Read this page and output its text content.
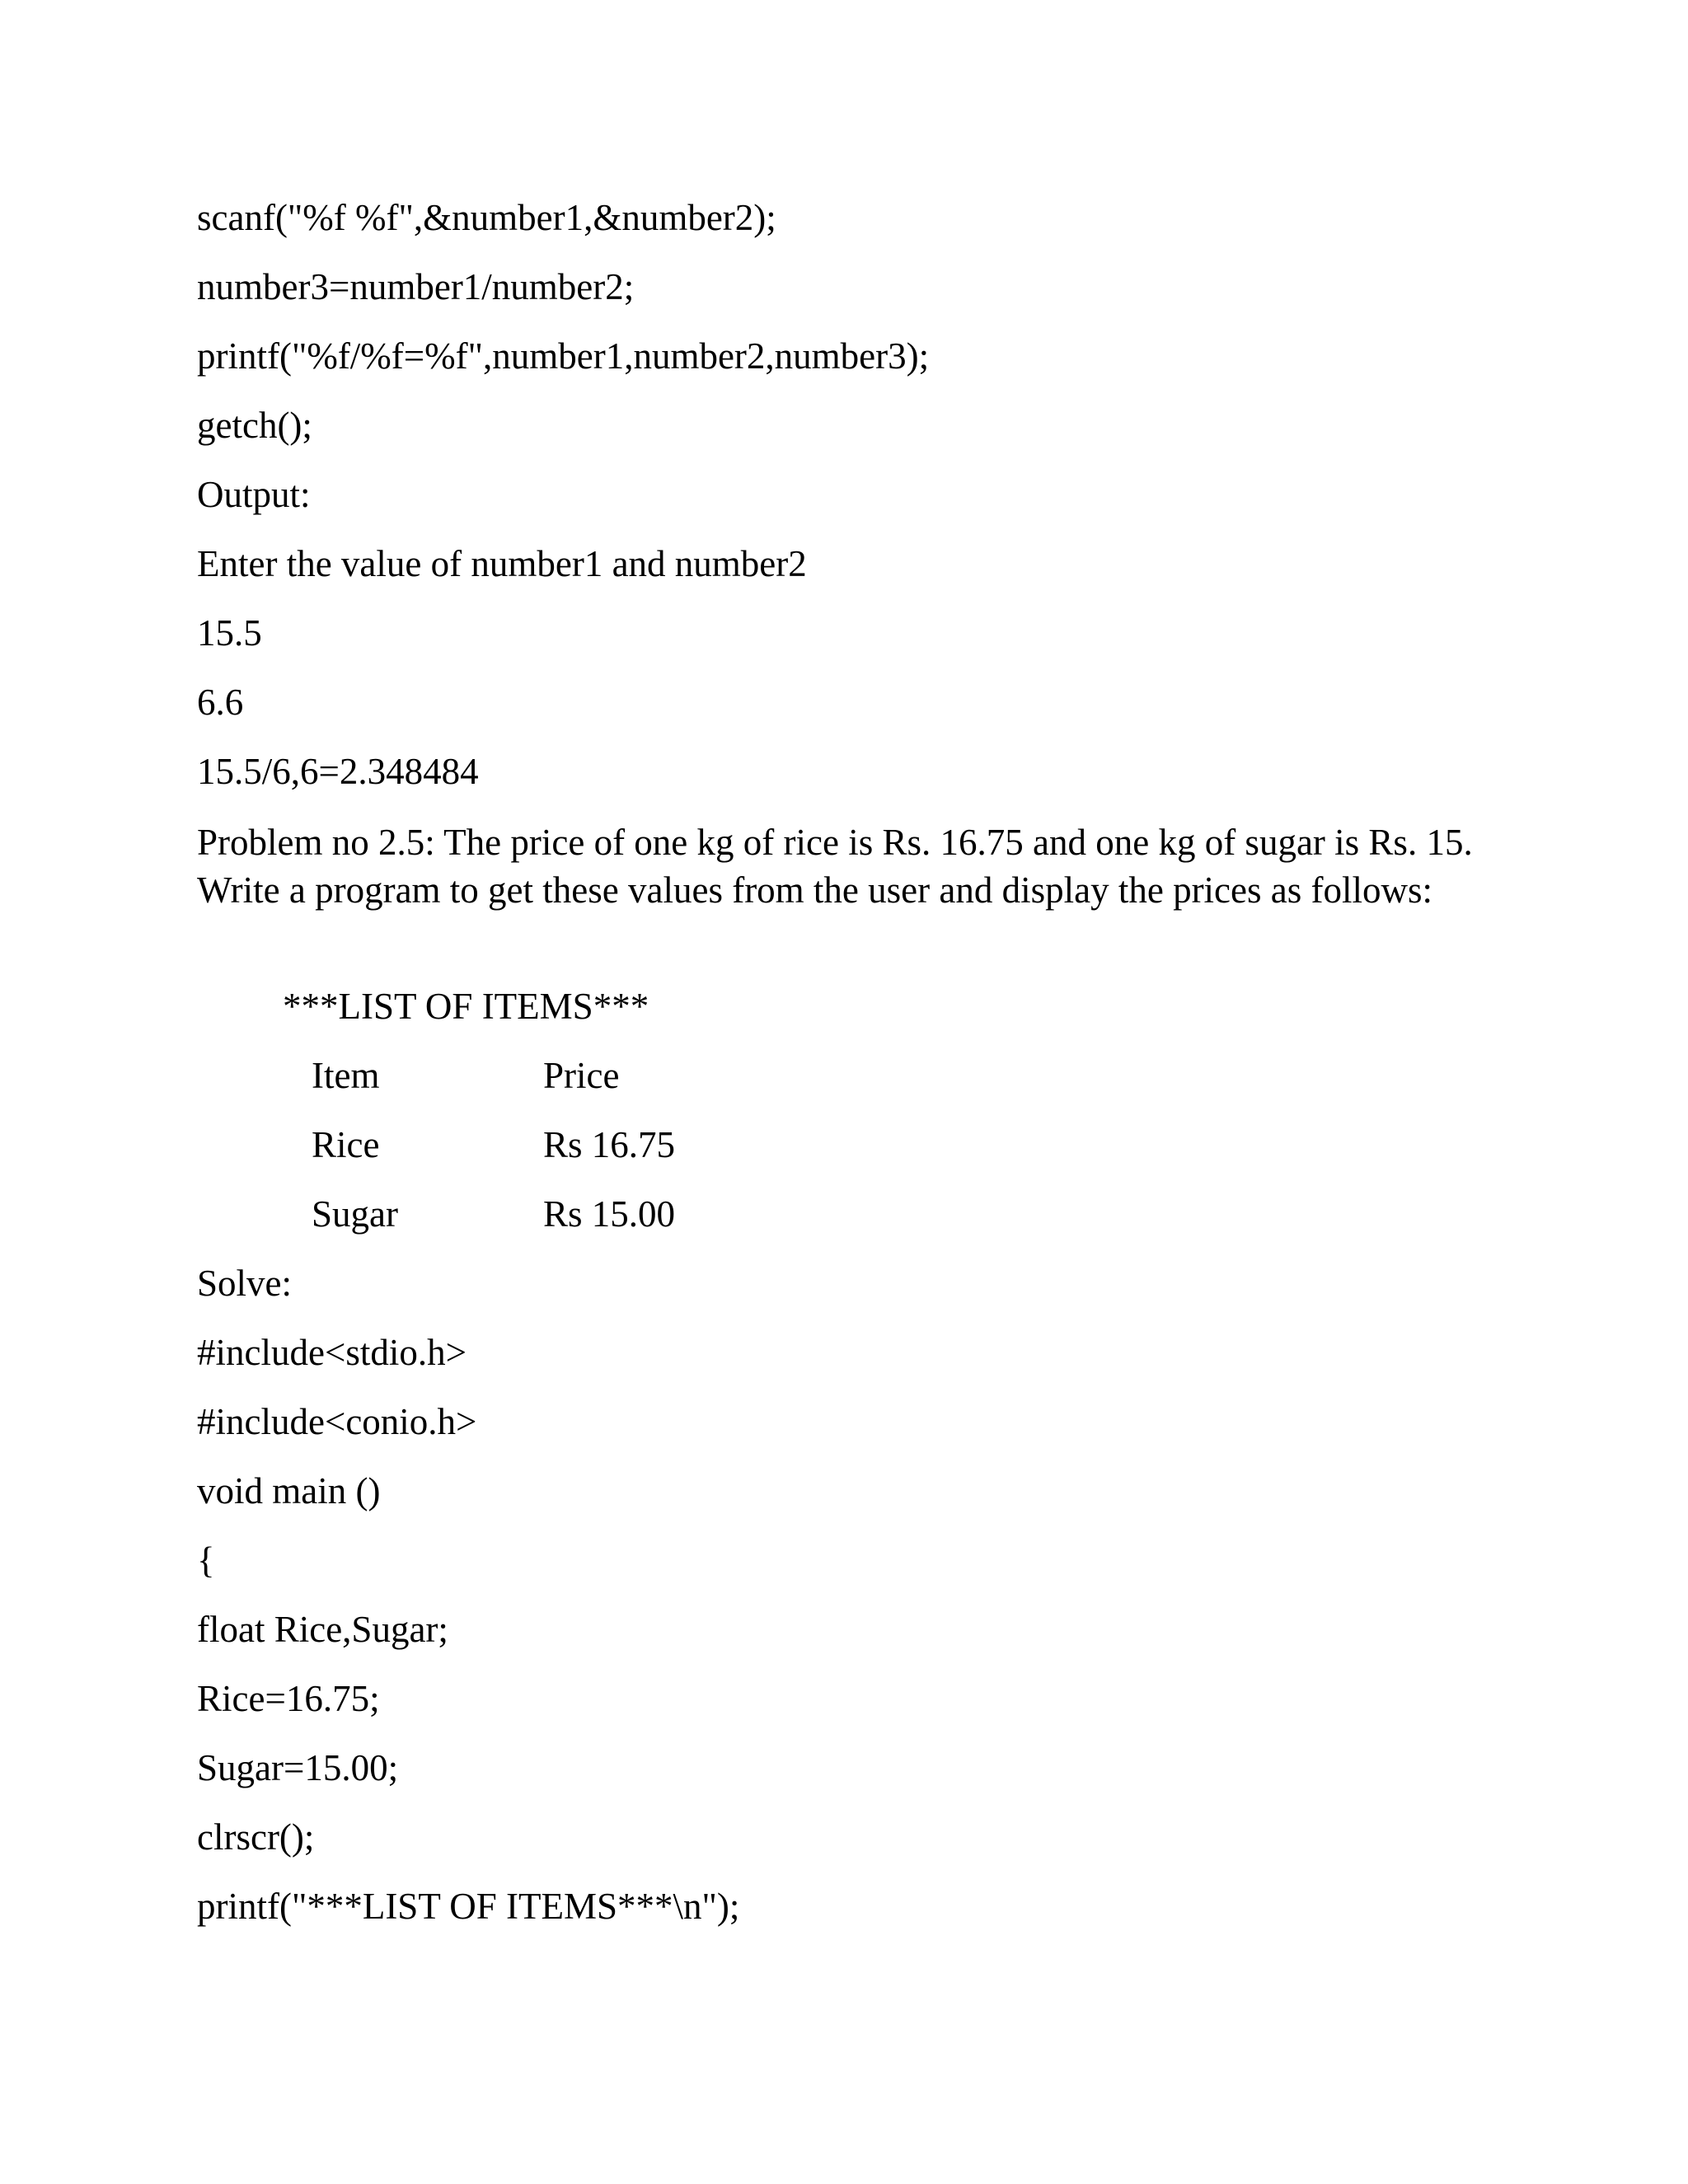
scanf("%f %f",&number1,&number2);
number3=number1/number2;
printf("%f/%f=%f",number1,number2,number3);
getch();
Output:
Enter the value of number1 and number2
15.5
6.6
15.5/6,6=2.348484
Problem no 2.5: The price of one kg of rice is Rs. 16.75 and one kg of sugar is Rs. 15. Write a program to get these values from the user and display the prices as follows:
***LIST OF ITEMS***
Item	Price
Rice	Rs 16.75
Sugar	Rs 15.00
Solve:
#include<stdio.h>
#include<conio.h>
void main ()
{
float Rice,Sugar;
Rice=16.75;
Sugar=15.00;
clrscr();
printf("***LIST OF ITEMS***\n");
